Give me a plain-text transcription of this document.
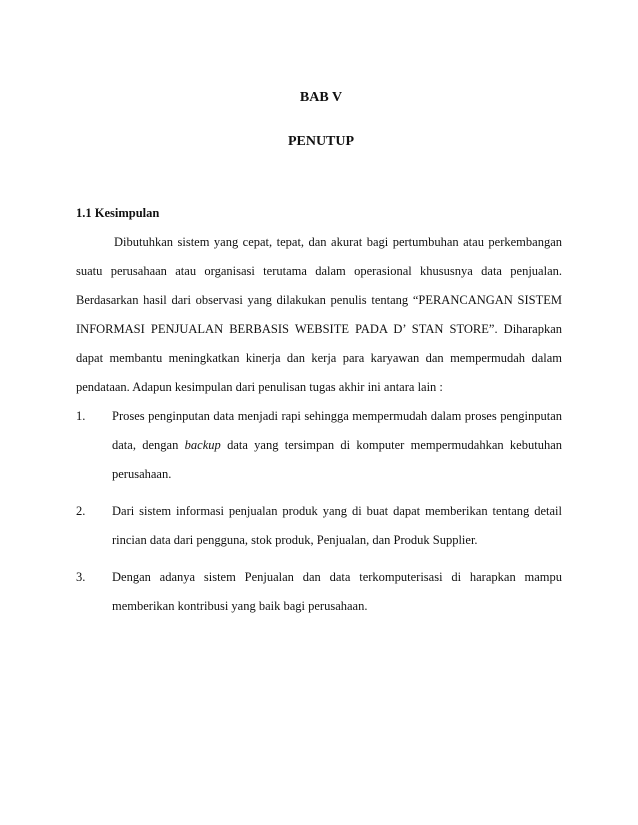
BAB V
PENUTUP
1.1 Kesimpulan

Dibutuhkan sistem yang cepat, tepat, dan akurat bagi pertumbuhan atau perkembangan suatu perusahaan atau organisasi terutama dalam operasional khususnya data penjualan. Berdasarkan hasil dari observasi yang dilakukan penulis tentang “PERANCANGAN SISTEM INFORMASI PENJUALAN BERBASIS WEBSITE PADA D’ STAN STORE”. Diharapkan dapat membantu meningkatkan kinerja dan kerja para karyawan dan mempermudah dalam pendataan. Adapun kesimpulan dari penulisan tugas akhir ini antara lain :

1.	Proses penginputan data menjadi rapi sehingga mempermudah dalam proses penginputan data, dengan backup data yang tersimpan di komputer mempermudahkan kebutuhan perusahaan.
2.	Dari sistem informasi penjualan produk yang di buat dapat memberikan tentang detail rincian data dari pengguna, stok produk, Penjualan, dan Produk Supplier.
3.	Dengan adanya sistem Penjualan dan data terkomputerisasi di harapkan mampu memberikan kontribusi yang baik bagi perusahaan.
